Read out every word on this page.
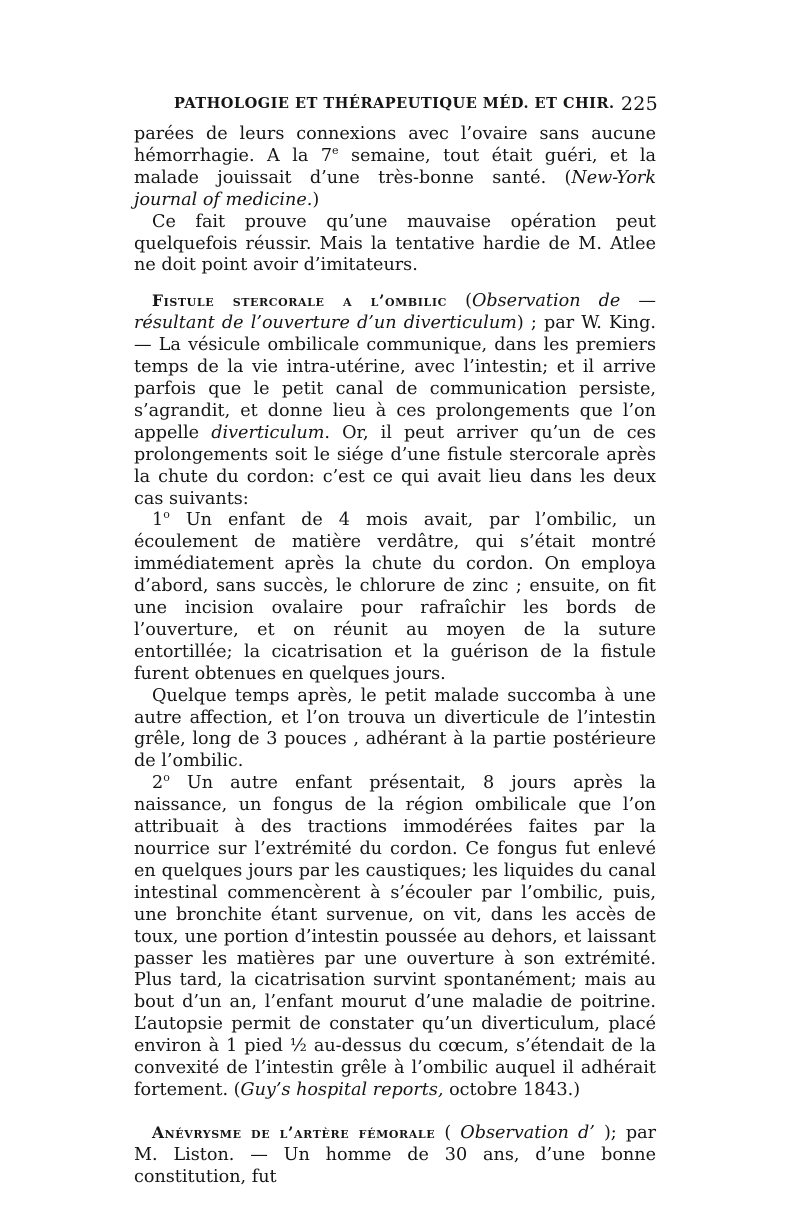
PATHOLOGIE ET THÉRAPEUTIQUE MÉD. ET CHIR. 225

parées de leurs connexions avec l’ovaire sans aucune hémorrhagie. A la 7e semaine, tout était guéri, et la malade jouissait d’une très-bonne santé. (New-York journal of medicine.)

Ce fait prouve qu’une mauvaise opération peut quelquefois réussir. Mais la tentative hardie de M. Atlee ne doit point avoir d’imitateurs.

Fistule stercorale a l’ombilic (Observation de — résultant de l’ouverture d’un diverticulum) ; par W. King. — La vésicule ombilicale communique, dans les premiers temps de la vie intra-utérine, avec l’intestin; et il arrive parfois que le petit canal de communication persiste, s’agrandit, et donne lieu à ces prolongements que l’on appelle diverticulum. Or, il peut arriver qu’un de ces prolongements soit le siége d’une fistule stercorale après la chute du cordon: c’est ce qui avait lieu dans les deux cas suivants:

1$^o$ Un enfant de 4 mois avait, par l’ombilic, un écoulement de matière verdâtre, qui s’était montré immédiatement après la chute du cordon. On employa d’abord, sans succès, le chlorure de zinc ; ensuite, on fit une incision ovalaire pour rafraîchir les bords de l’ouverture, et on réunit au moyen de la suture entortillée; la cicatrisation et la guérison de la fistule furent obtenues en quelques jours.

Quelque temps après, le petit malade succomba à une autre affection, et l’on trouva un diverticule de l’intestin grêle, long de 3 pouces , adhérant à la partie postérieure de l’ombilic.

2$^o$ Un autre enfant présentait, 8 jours après la naissance, un fongus de la région ombilicale que l’on attribuait à des tractions immodérées faites par la nourrice sur l’extrémité du cordon. Ce fongus fut enlevé en quelques jours par les caustiques; les liquides du canal intestinal commencèrent à s’écouler par l’ombilic, puis, une bronchite étant survenue, on vit, dans les accès de toux, une portion d’intestin poussée au dehors, et laissant passer les matières par une ouverture à son extrémité. Plus tard, la cicatrisation survint spontanément; mais au bout d’un an, l’enfant mourut d’une maladie de poitrine. L’autopsie permit de constater qu’un diverticulum, placé environ à 1 pied ½ au-dessus du cœcum, s’étendait de la convexité de l’intestin grêle à l’ombilic auquel il adhérait fortement. (Guy’s hospital reports, octobre 1843.)

Anévrysme de l’artère fémorale ( Observation d’ ); par M. Liston. — Un homme de 30 ans, d’une bonne constitution, fut
